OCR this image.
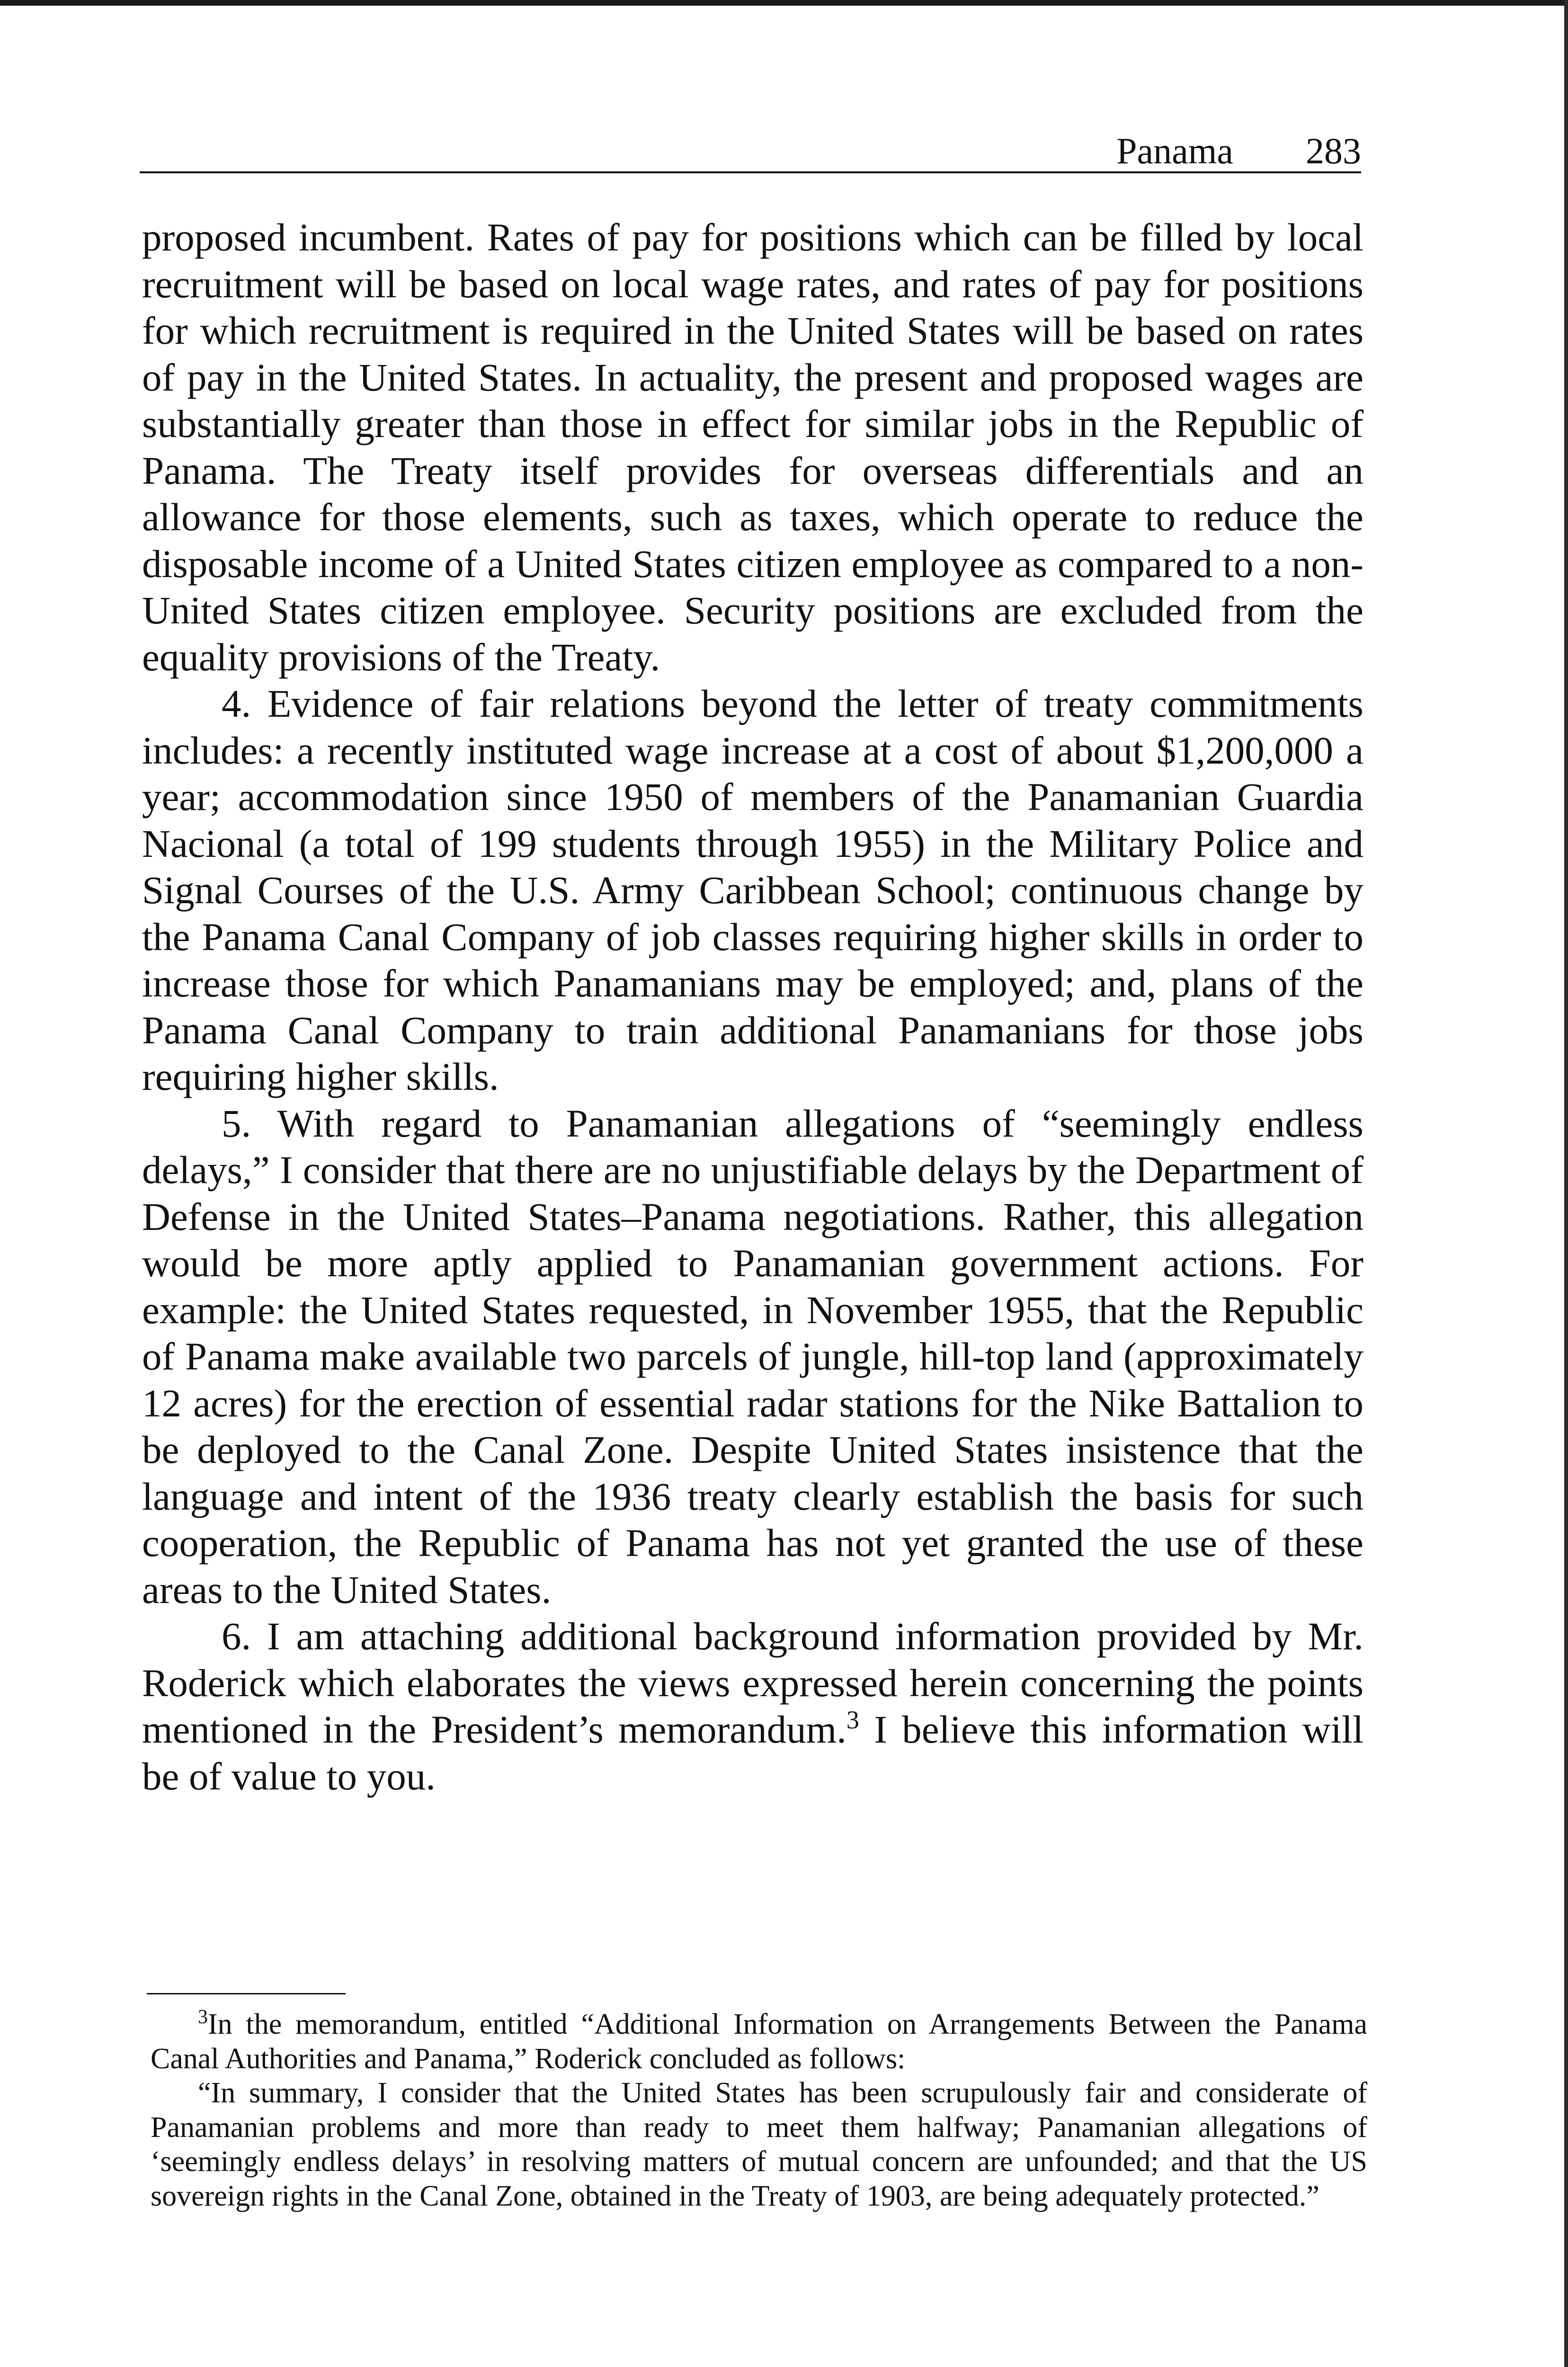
Panama 283

proposed incumbent. Rates of pay for positions which can be filled by local recruitment will be based on local wage rates, and rates of pay for positions for which recruitment is required in the United States will be based on rates of pay in the United States. In actuality, the present and proposed wages are substantially greater than those in effect for similar jobs in the Republic of Panama. The Treaty itself provides for overseas differentials and an allowance for those elements, such as taxes, which operate to reduce the disposable income of a United States citizen employee as compared to a non-United States citizen employee. Security positions are excluded from the equality provisions of the Treaty.

4. Evidence of fair relations beyond the letter of treaty commitments includes: a recently instituted wage increase at a cost of about $1,200,000 a year; accommodation since 1950 of members of the Panamanian Guardia Nacional (a total of 199 students through 1955) in the Military Police and Signal Courses of the U.S. Army Caribbean School; continuous change by the Panama Canal Company of job classes requiring higher skills in order to increase those for which Panamanians may be employed; and, plans of the Panama Canal Company to train additional Panamanians for those jobs requiring higher skills.

5. With regard to Panamanian allegations of “seemingly endless delays,” I consider that there are no unjustifiable delays by the Department of Defense in the United States–Panama negotiations. Rather, this allegation would be more aptly applied to Panamanian government actions. For example: the United States requested, in November 1955, that the Republic of Panama make available two parcels of jungle, hill-top land (approximately 12 acres) for the erection of essential radar stations for the Nike Battalion to be deployed to the Canal Zone. Despite United States insistence that the language and intent of the 1936 treaty clearly establish the basis for such cooperation, the Republic of Panama has not yet granted the use of these areas to the United States.

6. I am attaching additional background information provided by Mr. Roderick which elaborates the views expressed herein concerning the points mentioned in the President’s memorandum.$^3$ I believe this information will be of value to you.

$^3$In the memorandum, entitled “Additional Information on Arrangements Between the Panama Canal Authorities and Panama,” Roderick concluded as follows:

“In summary, I consider that the United States has been scrupulously fair and considerate of Panamanian problems and more than ready to meet them halfway; Panamanian allegations of ‘seemingly endless delays’ in resolving matters of mutual concern are unfounded; and that the US sovereign rights in the Canal Zone, obtained in the Treaty of 1903, are being adequately protected.”
